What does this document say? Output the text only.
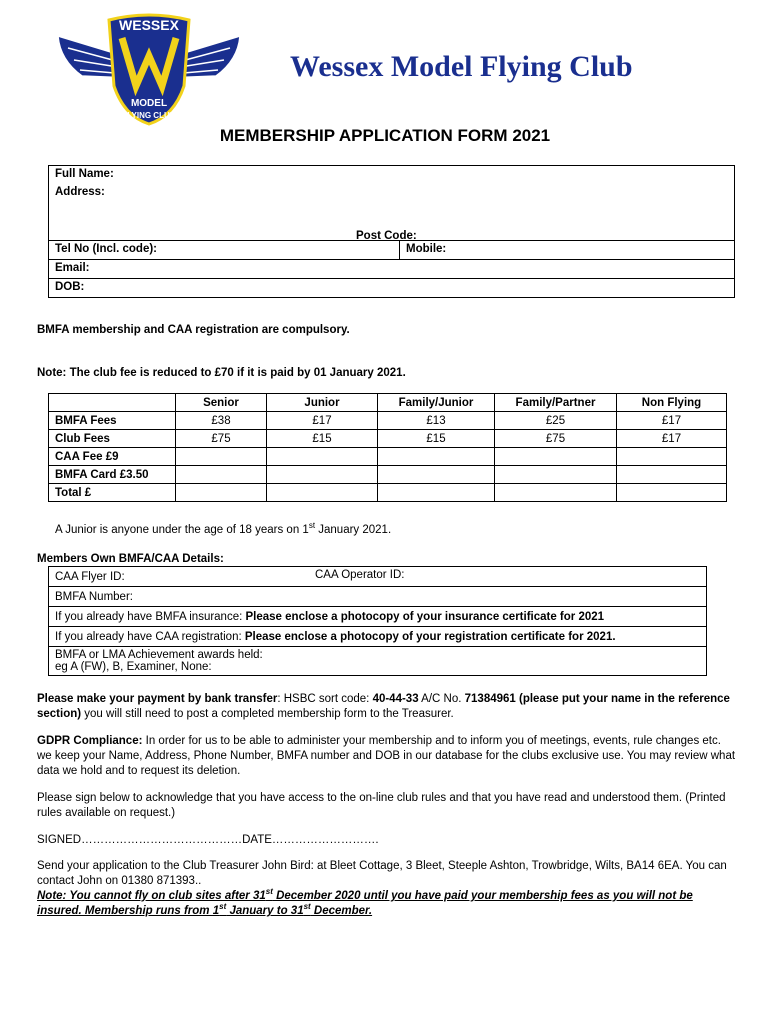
WESSEX
MODEL
FLYING CLUB
Wessex Model Flying Club
MEMBERSHIP APPLICATION FORM 2021
Full Name:
Address:
Post Code:

Tel No (Incl. code):	Mobile:
Email:
DOB:
BMFA membership and CAA registration are compulsory.
Note: The club fee is reduced to £70 if it is paid by 01 January 2021.
	Senior	Junior	Family/Junior	Family/Partner	Non Flying
BMFA Fees	£38	£17	£13	£25	£17
Club Fees	£75	£15	£15	£75	£17
CAA Fee £9					
BMFA Card £3.50					
Total £					
A Junior is anyone under the age of 18 years on 1st January 2021.
Members Own BMFA/CAA Details:
CAA Flyer ID:	CAA Operator ID:

BMFA Number:
If you already have BMFA insurance: Please enclose a photocopy of your insurance certificate for 2021
If you already have CAA registration: Please enclose a photocopy of your registration certificate for 2021.

BMFA or LMA Achievement awards held:
eg A (FW), B, Examiner, None:
Please make your payment by bank transfer: HSBC sort code: 40-44-33 A/C No. 71384961 (please put your name in the reference section) you will still need to post a completed membership form to the Treasurer.
GDPR Compliance: In order for us to be able to administer your membership and to inform you of meetings, events, rule changes etc. we keep your Name, Address, Phone Number, BMFA number and DOB in our database for the clubs exclusive use. You may review what data we hold and to request its deletion.
Please sign below to acknowledge that you have access to the on-line club rules and that you have read and understood them. (Printed rules available on request.)
SIGNED……………………………………DATE……………………….
Send your application to the Club Treasurer John Bird: at Bleet Cottage, 3 Bleet, Steeple Ashton, Trowbridge, Wilts, BA14 6EA. You can contact John on 01380 871393..
Note: You cannot fly on club sites after 31st December 2020 until you have paid your membership fees as you will not be insured. Membership runs from 1st January to 31st December.
